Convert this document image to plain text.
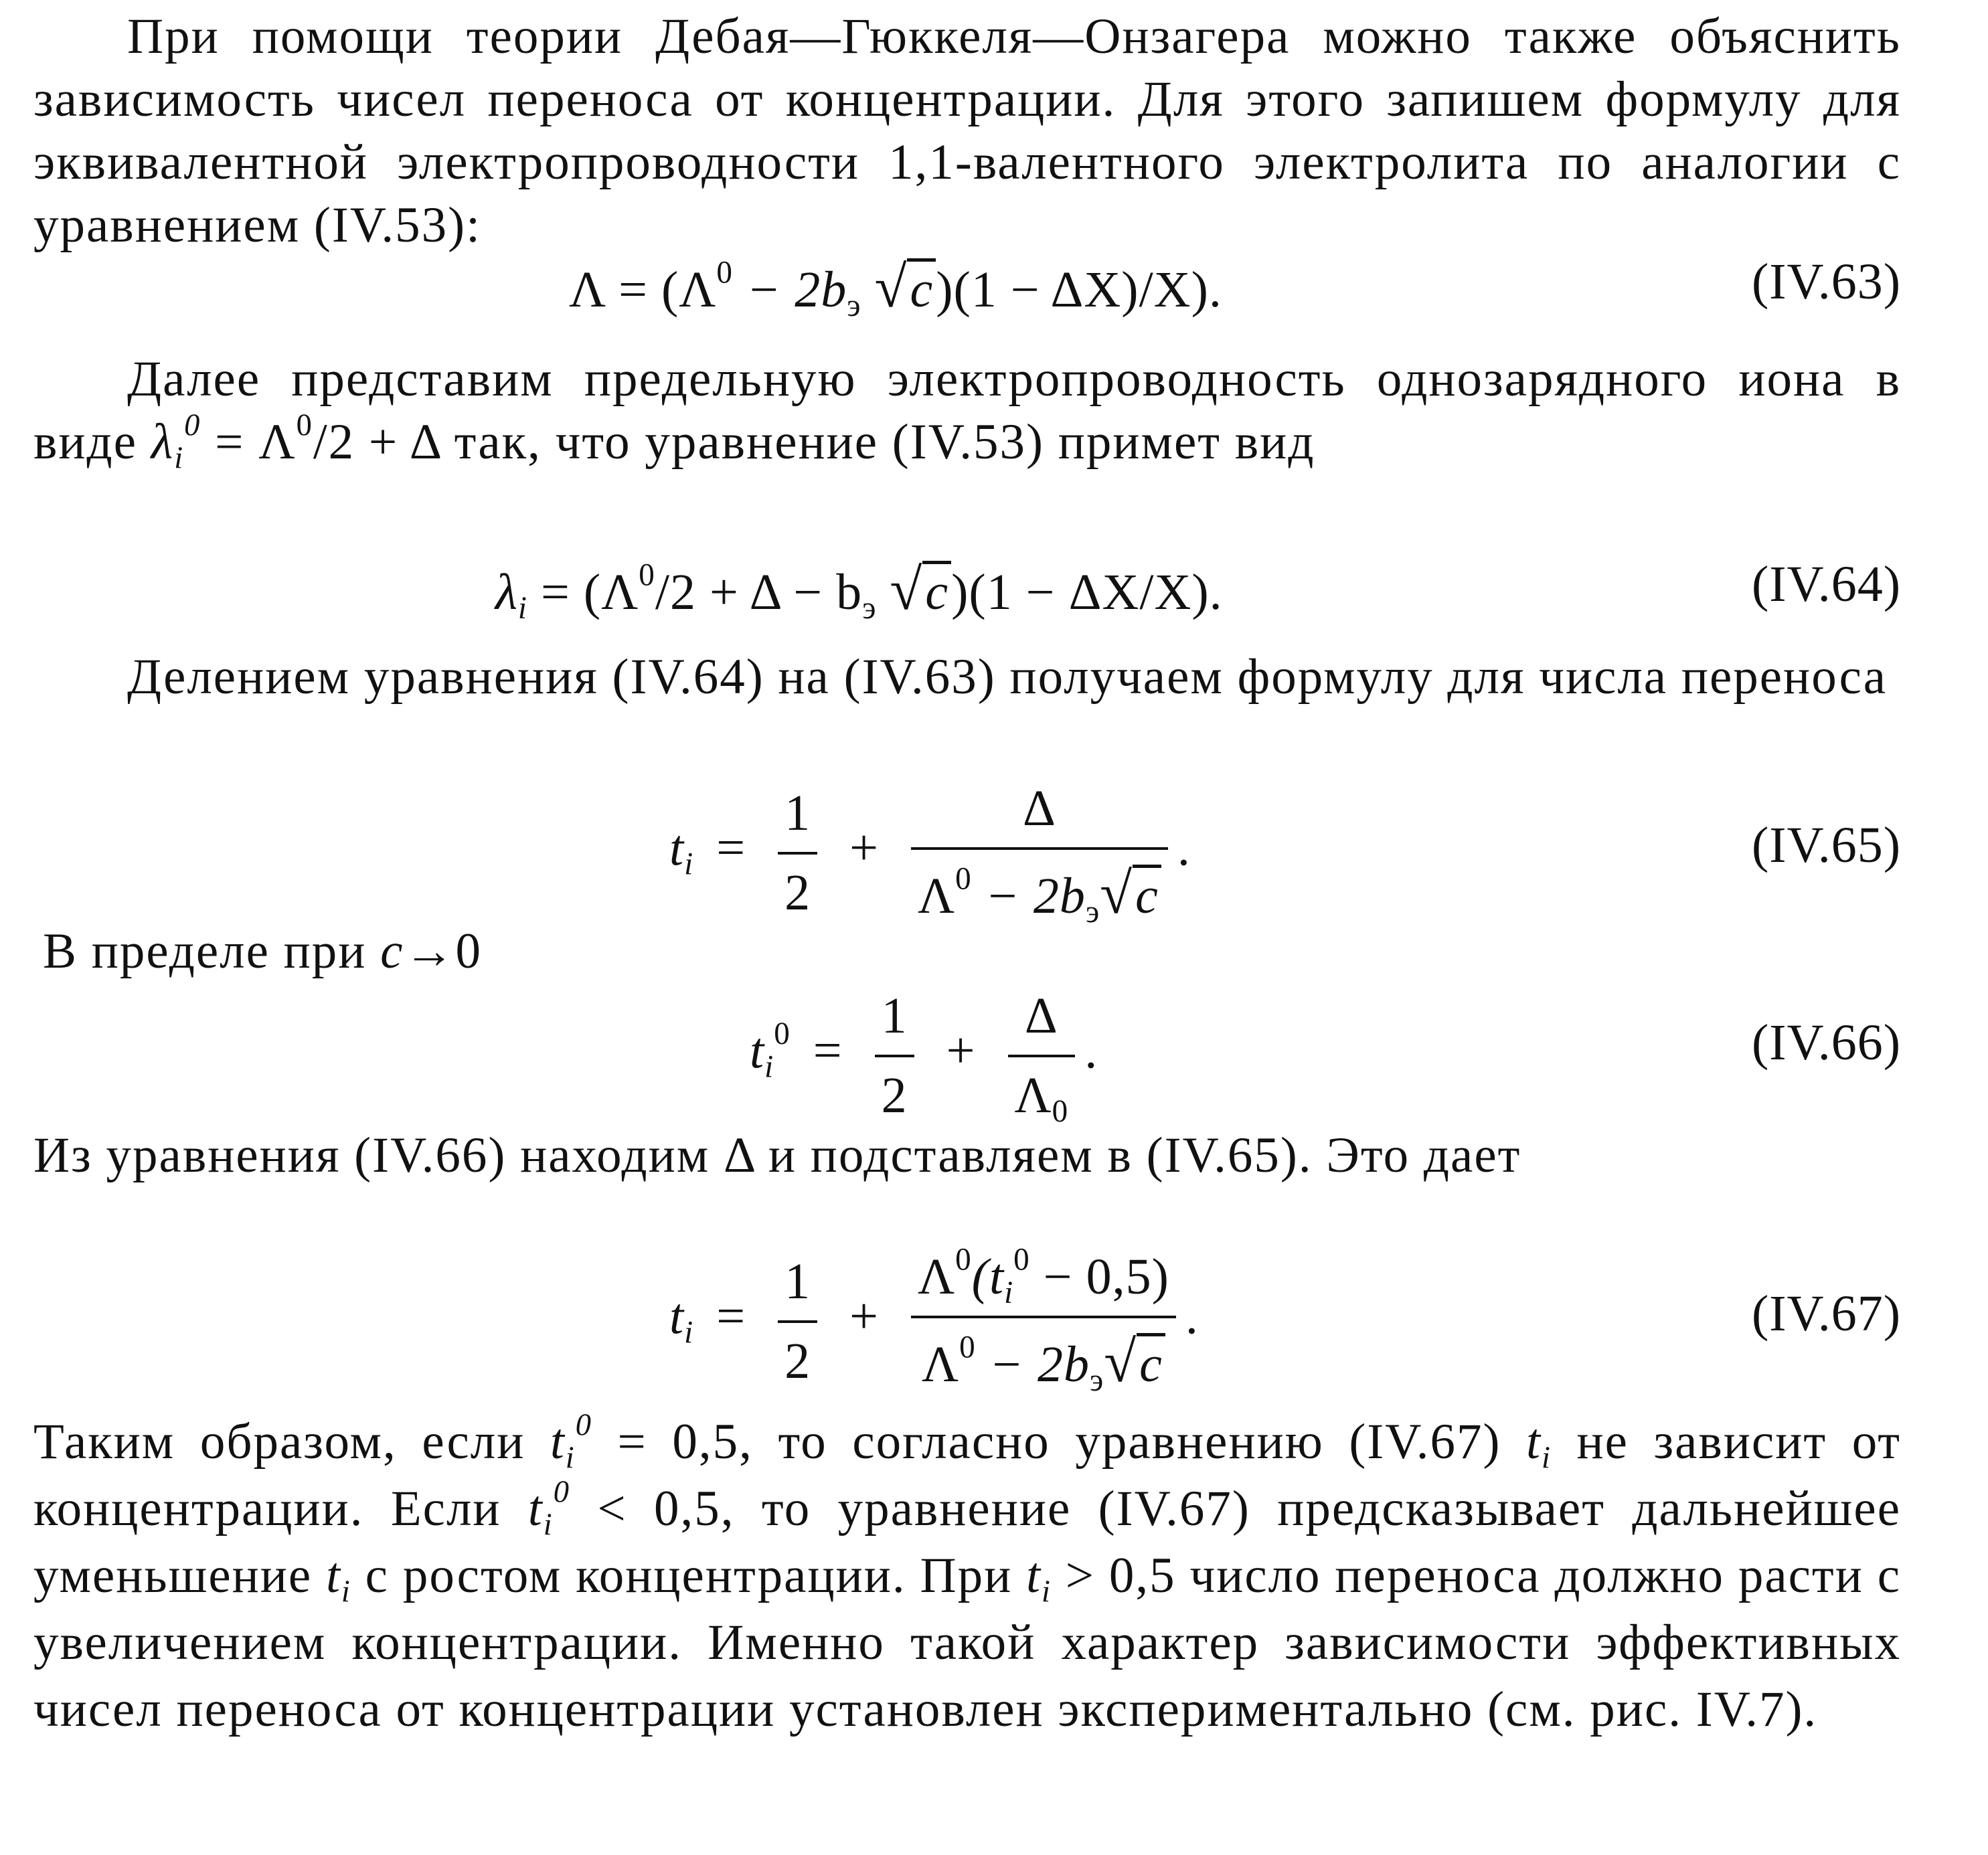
При помощи теории Дебая—Гюккеля—Онзагера можно также объяснить зависимость чисел переноса от концентрации. Для этого запишем формулу для эквивалентной электропроводности 1,1-валентного электролита по аналогии с уравнением (IV.53):

$\Lambda = (\Lambda^0 - 2b_э$ √c)(1 − ΔX)/X).	(IV.63)

Далее представим предельную электропроводность однозарядного иона в виде $\lambda_i^0 = \Lambda^0/2 + \Delta$ так, что уравнение (IV.53) примет вид

$\lambda_i = (\Lambda^0/2 + \Delta - b_э$ √c)(1 − ΔX/X).	(IV.64)

Делением уравнения (IV.64) на (IV.63) получаем формулу для числа переноса

$t_i = \frac{1}{2} + \frac{\Delta}{\Lambda^0 - 2b_э√c}$ .	(IV.65)

В пределе при c→0

$t_i^0 = \frac{1}{2} + \frac{\Delta}{\Lambda_0}$ .	(IV.66)

Из уравнения (IV.66) находим Δ и подставляем в (IV.65). Это дает

$t_i = \frac{1}{2} + \frac{\Lambda^0(t_i^0 - 0,5)}{\Lambda^0 - 2b_э√c}$ .	(IV.67)

Таким образом, если $t_i^0 = 0,5$, то согласно уравнению (IV.67) $t_i$ не зависит от концентрации. Если $t_i^0 < 0,5$, то уравнение (IV.67) предсказывает дальнейшее уменьшение $t_i$ с ростом концентрации. При $t_i > 0,5$ число переноса должно расти с увеличением концентрации. Именно такой характер зависимости эффективных чисел переноса от концентрации установлен экспериментально (см. рис. IV.7).
